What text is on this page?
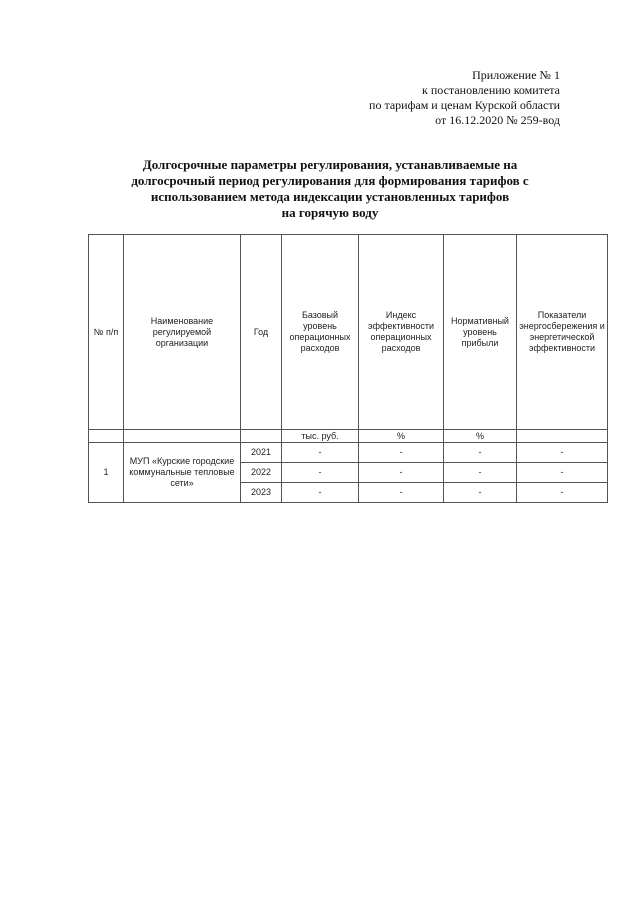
Приложение № 1
к постановлению комитета
по тарифам и ценам Курской области
от 16.12.2020 № 259-вод
Долгосрочные параметры регулирования, устанавливаемые на
долгосрочный период регулирования для формирования тарифов с
использованием метода индексации установленных тарифов
на горячую воду
№ п/п	Наименование регулируемой организации	Год	Базовый уровень операционных расходов	Индекс эффективности операционных расходов	Нормативный уровень прибыли	Показатели энергосбережения и энергетической эффективности
			тыс. руб.	%	%	
1	МУП «Курские городские коммунальные тепловые сети»	2021	-	-	-	-
		2022	-	-	-	-
		2023	-	-	-	-
